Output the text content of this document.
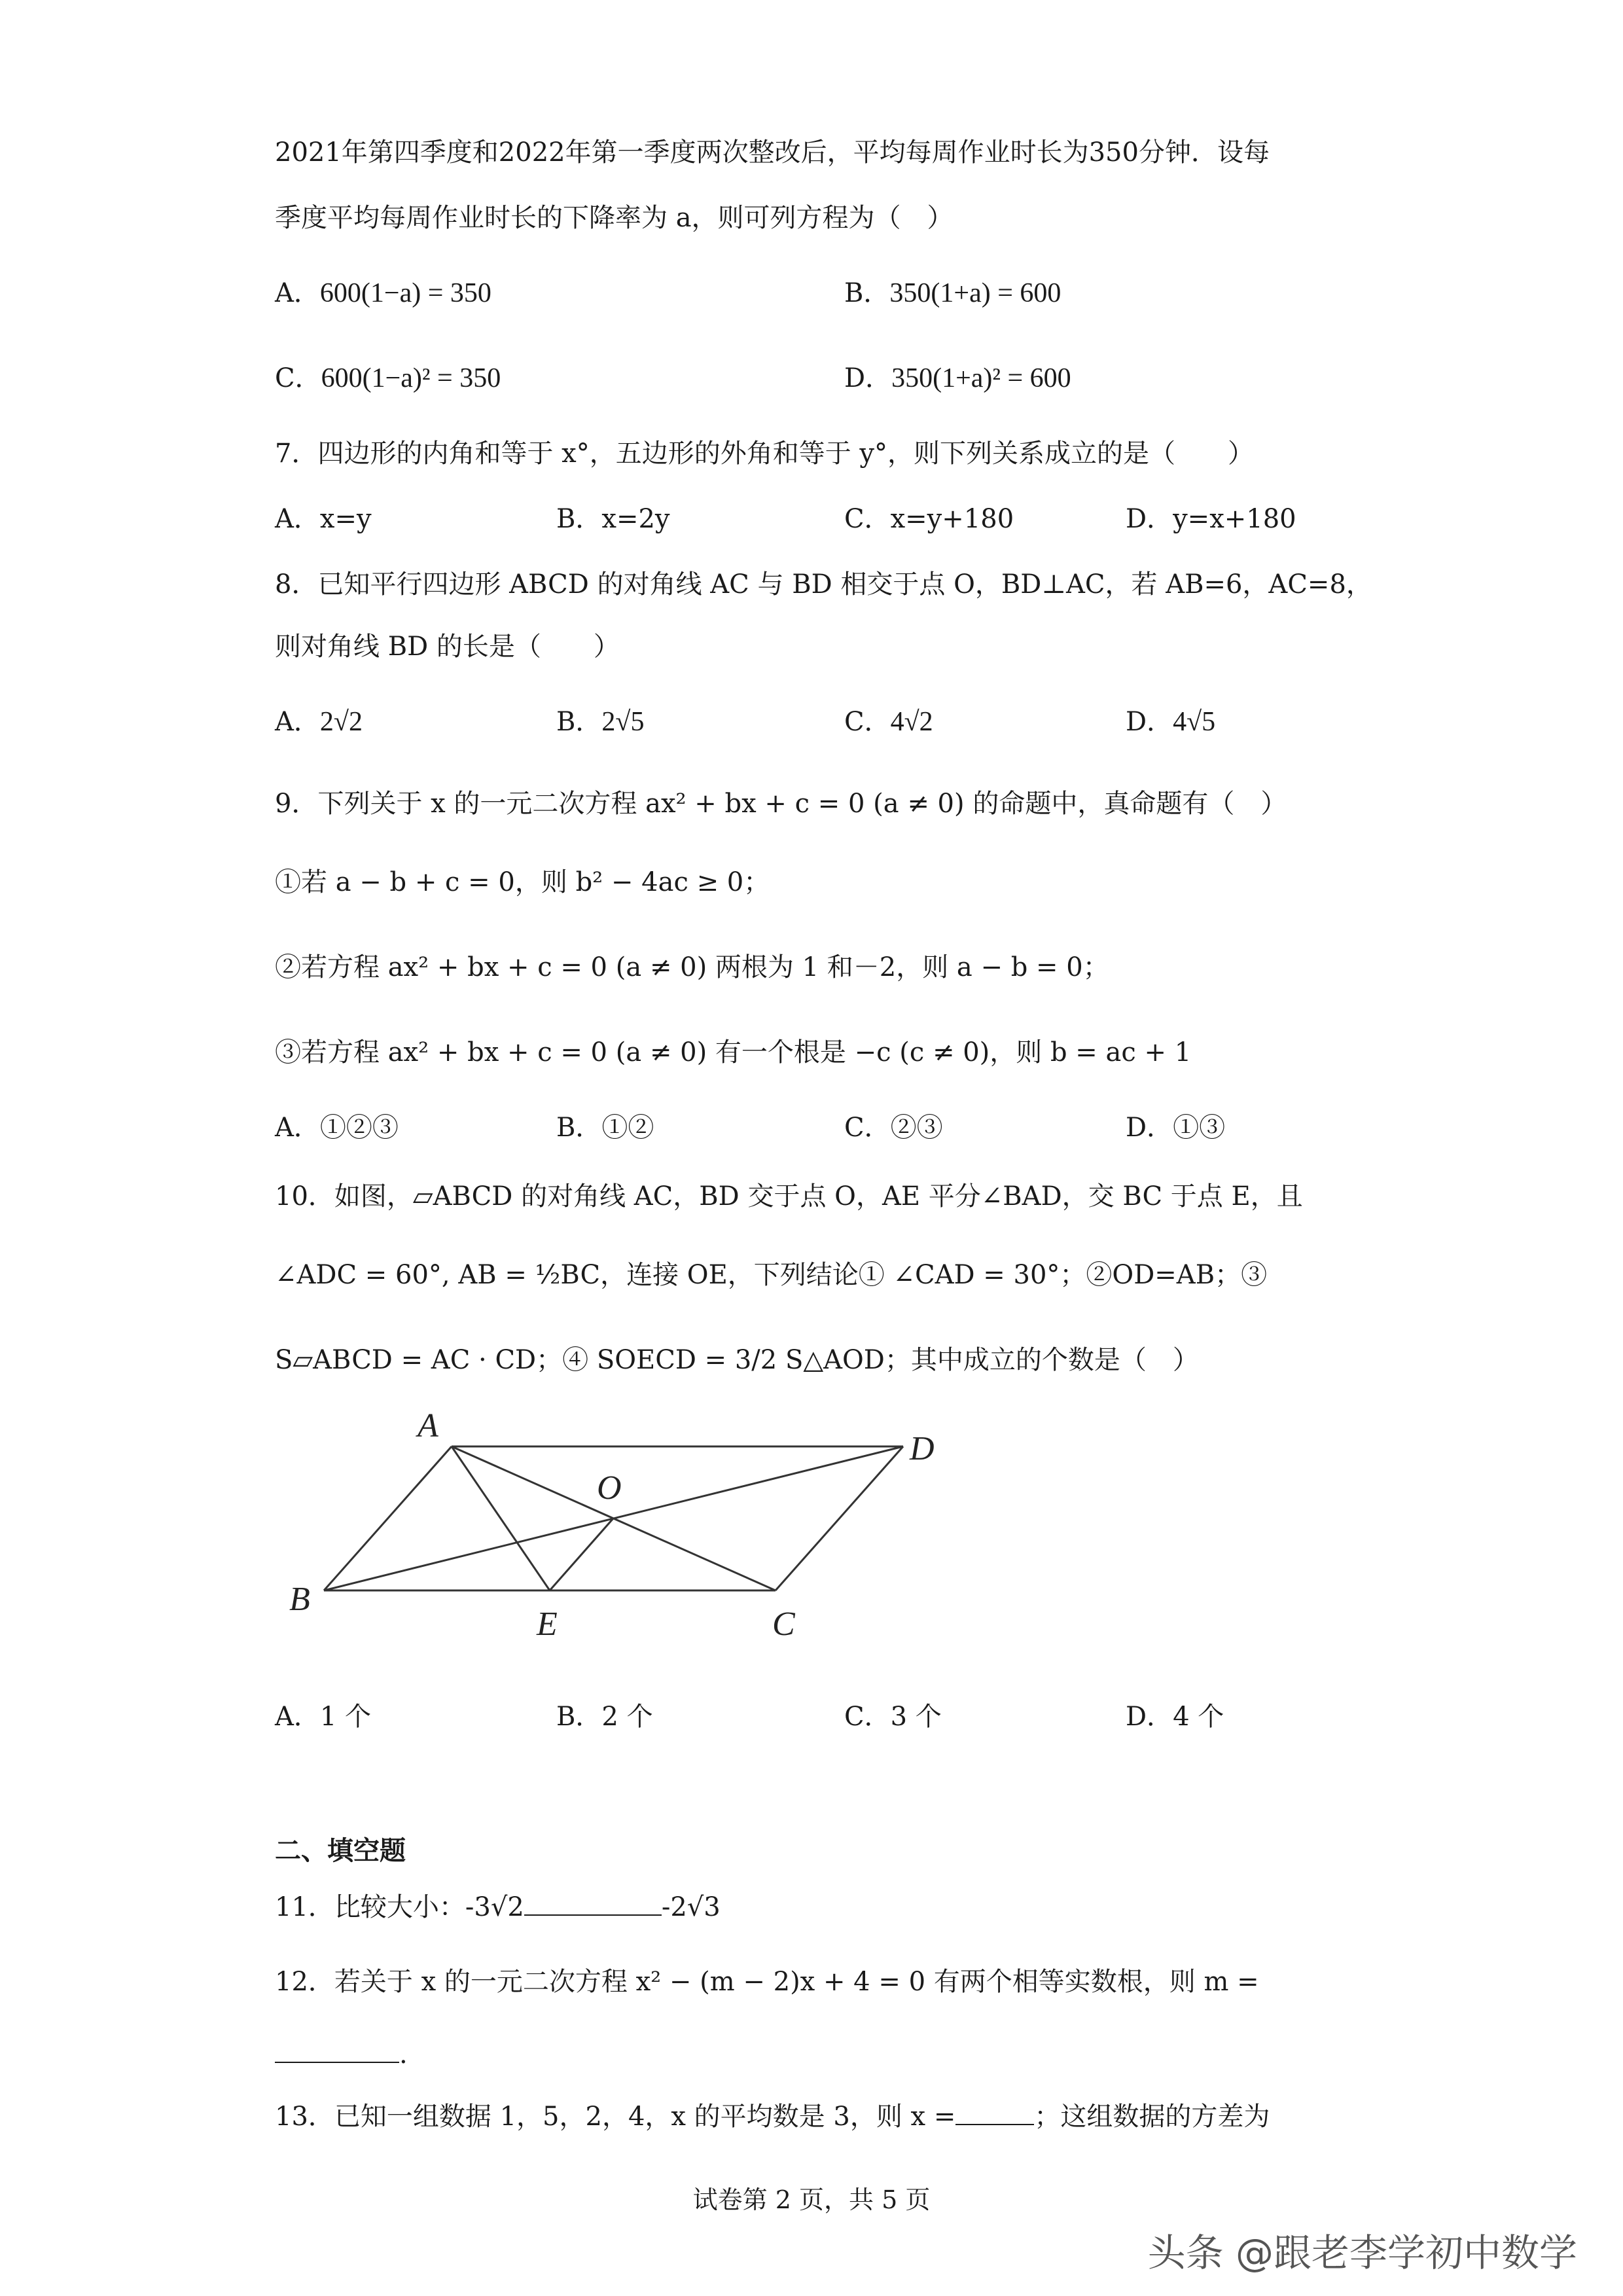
2021年第四季度和2022年第一季度两次整改后，平均每周作业时长为350分钟．设每
季度平均每周作业时长的下降率为 a，则可列方程为（　）
A．600(1−a) = 350	B．350(1+a) = 600
C．600(1−a)² = 350	D．350(1+a)² = 600
7．四边形的内角和等于 x°，五边形的外角和等于 y°，则下列关系成立的是（　　）
A．x=y	B．x=2y	C．x=y+180	D．y=x+180
8．已知平行四边形 ABCD 的对角线 AC 与 BD 相交于点 O，BD⊥AC，若 AB=6，AC=8，
则对角线 BD 的长是（　　）
A．2√2	B．2√5	C．4√2	D．4√5
9．下列关于 x 的一元二次方程 ax² + bx + c = 0 (a ≠ 0) 的命题中，真命题有（　）
①若 a − b + c = 0，则 b² − 4ac ≥ 0；
②若方程 ax² + bx + c = 0 (a ≠ 0) 两根为 1 和－2，则 a − b = 0；
③若方程 ax² + bx + c = 0 (a ≠ 0) 有一个根是 −c (c ≠ 0)，则 b = ac + 1
A．①②③	B．①②	C．②③	D．①③
10．如图，▱ABCD 的对角线 AC，BD 交于点 O，AE 平分∠BAD，交 BC 于点 E，且
∠ADC = 60°, AB = ½BC，连接 OE，下列结论① ∠CAD = 30°；②OD=AB；③
S▱ABCD = AC · CD；④ SOECD = 3/2 S△AOD；其中成立的个数是（　）
A
D
O
B
E	C
A．1 个	B．2 个	C．3 个	D．4 个
二、填空题
11．比较大小：-3√2	-2√3
12．若关于 x 的一元二次方程 x² − (m − 2)x + 4 = 0 有两个相等实数根，则 m =
.
13．已知一组数据 1，5，2，4，x 的平均数是 3，则 x =	；这组数据的方差为
试卷第 2 页，共 5 页
头条 @跟老李学初中数学
